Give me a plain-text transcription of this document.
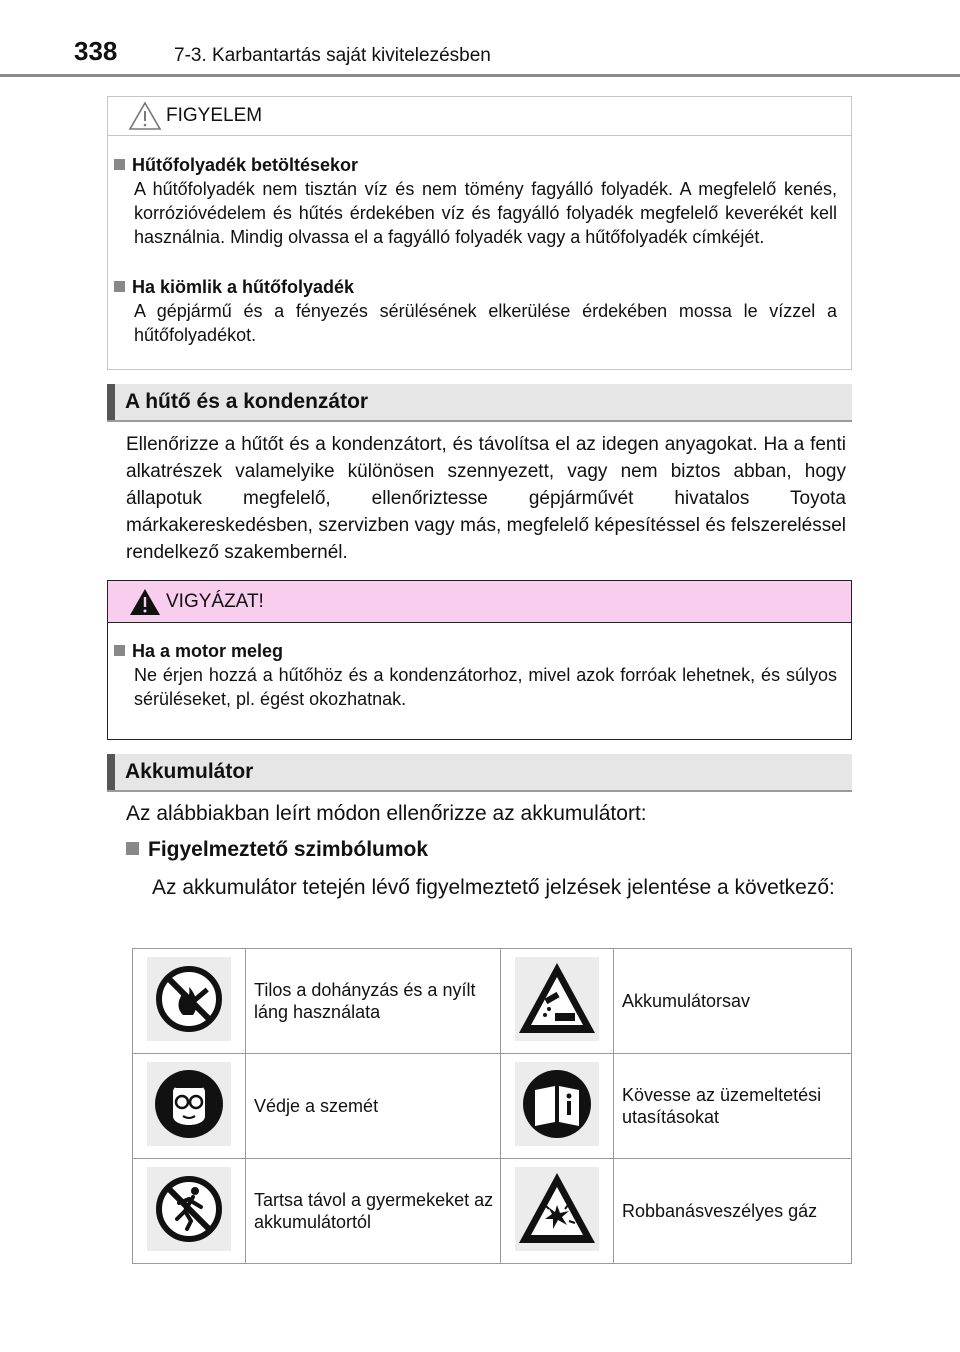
338	7-3. Karbantartás saját kivitelezésben
FIGYELEM
Hűtőfolyadék betöltésekor
A hűtőfolyadék nem tisztán víz és nem tömény fagyálló folyadék. A megfelelő kenés, korrózióvédelem és hűtés érdekében víz és fagyálló folyadék megfelelő keverékét kell használnia. Mindig olvassa el a fagyálló folyadék vagy a hűtőfolyadék címkéjét.
Ha kiömlik a hűtőfolyadék
A gépjármű és a fényezés sérülésének elkerülése érdekében mossa le vízzel a hűtőfolyadékot.
A hűtő és a kondenzátor
Ellenőrizze a hűtőt és a kondenzátort, és távolítsa el az idegen anyagokat. Ha a fenti alkatrészek valamelyike különösen szennyezett, vagy nem biztos abban, hogy állapotuk megfelelő, ellenőriztesse gépjárművét hivatalos Toyota márkakereskedésben, szervizben vagy más, megfelelő képesítéssel és felszereléssel rendelkező szakembernél.
VIGYÁZAT!
Ha a motor meleg
Ne érjen hozzá a hűtőhöz és a kondenzátorhoz, mivel azok forróak lehetnek, és súlyos sérüléseket, pl. égést okozhatnak.
Akkumulátor
Az alábbiakban leírt módon ellenőrizze az akkumulátort:
Figyelmeztető szimbólumok
Az akkumulátor tetején lévő figyelmeztető jelzések jelentése a következő:
	Tilos a dohányzás és a nyílt láng használata		Akkumulátorsav
	Védje a szemét		Kövesse az üzemeltetési utasításokat
	Tartsa távol a gyermekeket az akkumulátortól		Robbanásveszélyes gáz
